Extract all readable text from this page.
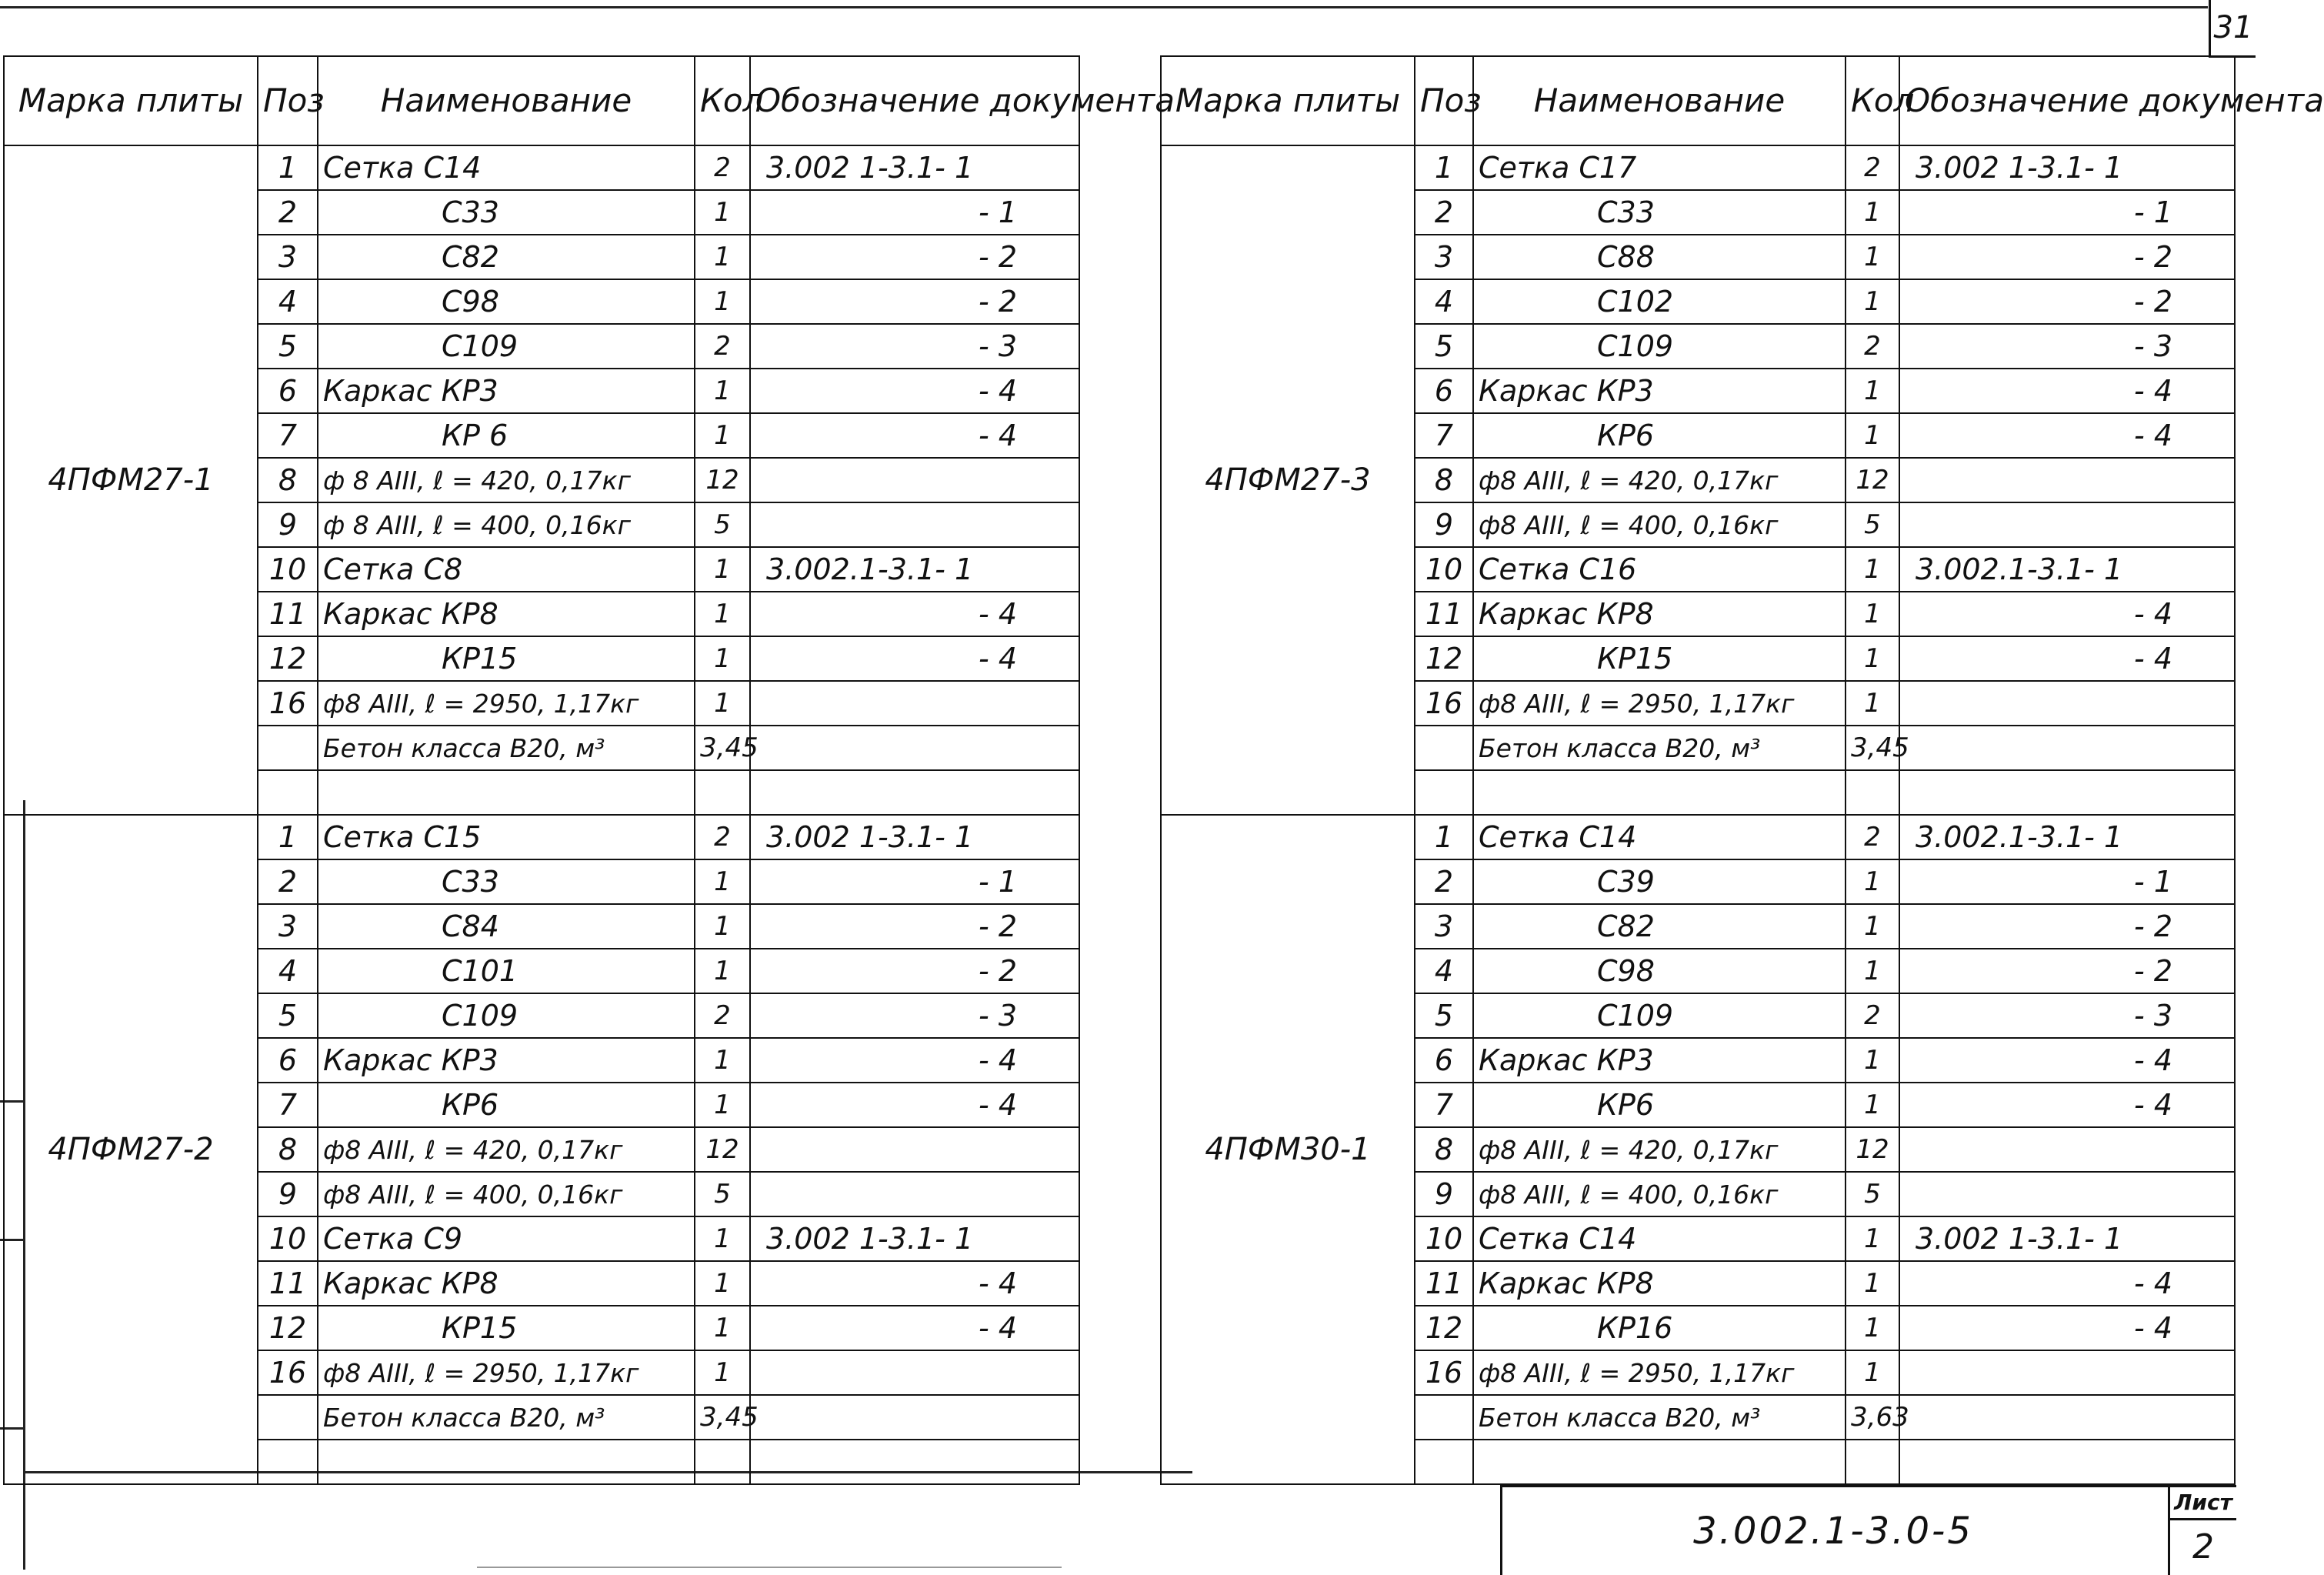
31
Марка плиты	Поз	Наименование	Кол	Обозначение документа
4ПФМ27-1	1	Сетка С14	2	3.002 1-3.1- 1
	2	С33	1	- 1
	3	С82	1	- 2
	4	С98	1	- 2
	5	С109	2	- 3
	6	Каркас КР3	1	- 4
	7	КР 6	1	- 4
	8	ф 8 АIII, ℓ = 420, 0,17кг	12	
	9	ф 8 АIII, ℓ = 400, 0,16кг	5	
	10	Сетка С8	1	3.002.1-3.1- 1
	11	Каркас КР8	1	- 4
	12	КР15	1	- 4
	16	ф8 АIII, ℓ = 2950, 1,17кг	1	
		Бетон класса В20, м³	3,45	

4ПФМ27-2	1	Сетка С15	2	3.002 1-3.1- 1
	2	С33	1	- 1
	3	С84	1	- 2
	4	С101	1	- 2
	5	С109	2	- 3
	6	Каркас КР3	1	- 4
	7	КР6	1	- 4
	8	ф8 АIII, ℓ = 420, 0,17кг	12	
	9	ф8 АIII, ℓ = 400, 0,16кг	5	
	10	Сетка С9	1	3.002 1-3.1- 1
	11	Каркас КР8	1	- 4
	12	КР15	1	- 4
	16	ф8 АIII, ℓ = 2950, 1,17кг	1	
		Бетон класса В20, м³	3,45	

Марка плиты	Поз	Наименование	Кол	Обозначение документа
4ПФМ27-3	1	Сетка С17	2	3.002 1-3.1- 1
	2	С33	1	- 1
	3	С88	1	- 2
	4	С102	1	- 2
	5	С109	2	- 3
	6	Каркас КР3	1	- 4
	7	КР6	1	- 4
	8	ф8 АIII, ℓ = 420, 0,17кг	12	
	9	ф8 АIII, ℓ = 400, 0,16кг	5	
	10	Сетка С16	1	3.002.1-3.1- 1
	11	Каркас КР8	1	- 4
	12	КР15	1	- 4
	16	ф8 АIII, ℓ = 2950, 1,17кг	1	
		Бетон класса В20, м³	3,45	

4ПФМ30-1	1	Сетка С14	2	3.002.1-3.1- 1
	2	С39	1	- 1
	3	С82	1	- 2
	4	С98	1	- 2
	5	С109	2	- 3
	6	Каркас КР3	1	- 4
	7	КР6	1	- 4
	8	ф8 АIII, ℓ = 420, 0,17кг	12	
	9	ф8 АIII, ℓ = 400, 0,16кг	5	
	10	Сетка С14	1	3.002 1-3.1- 1
	11	Каркас КР8	1	- 4
	12	КР16	1	- 4
	16	ф8 АIII, ℓ = 2950, 1,17кг	1	
		Бетон класса В20, м³	3,63	

3.002.1-3.0-5
Лист
2
